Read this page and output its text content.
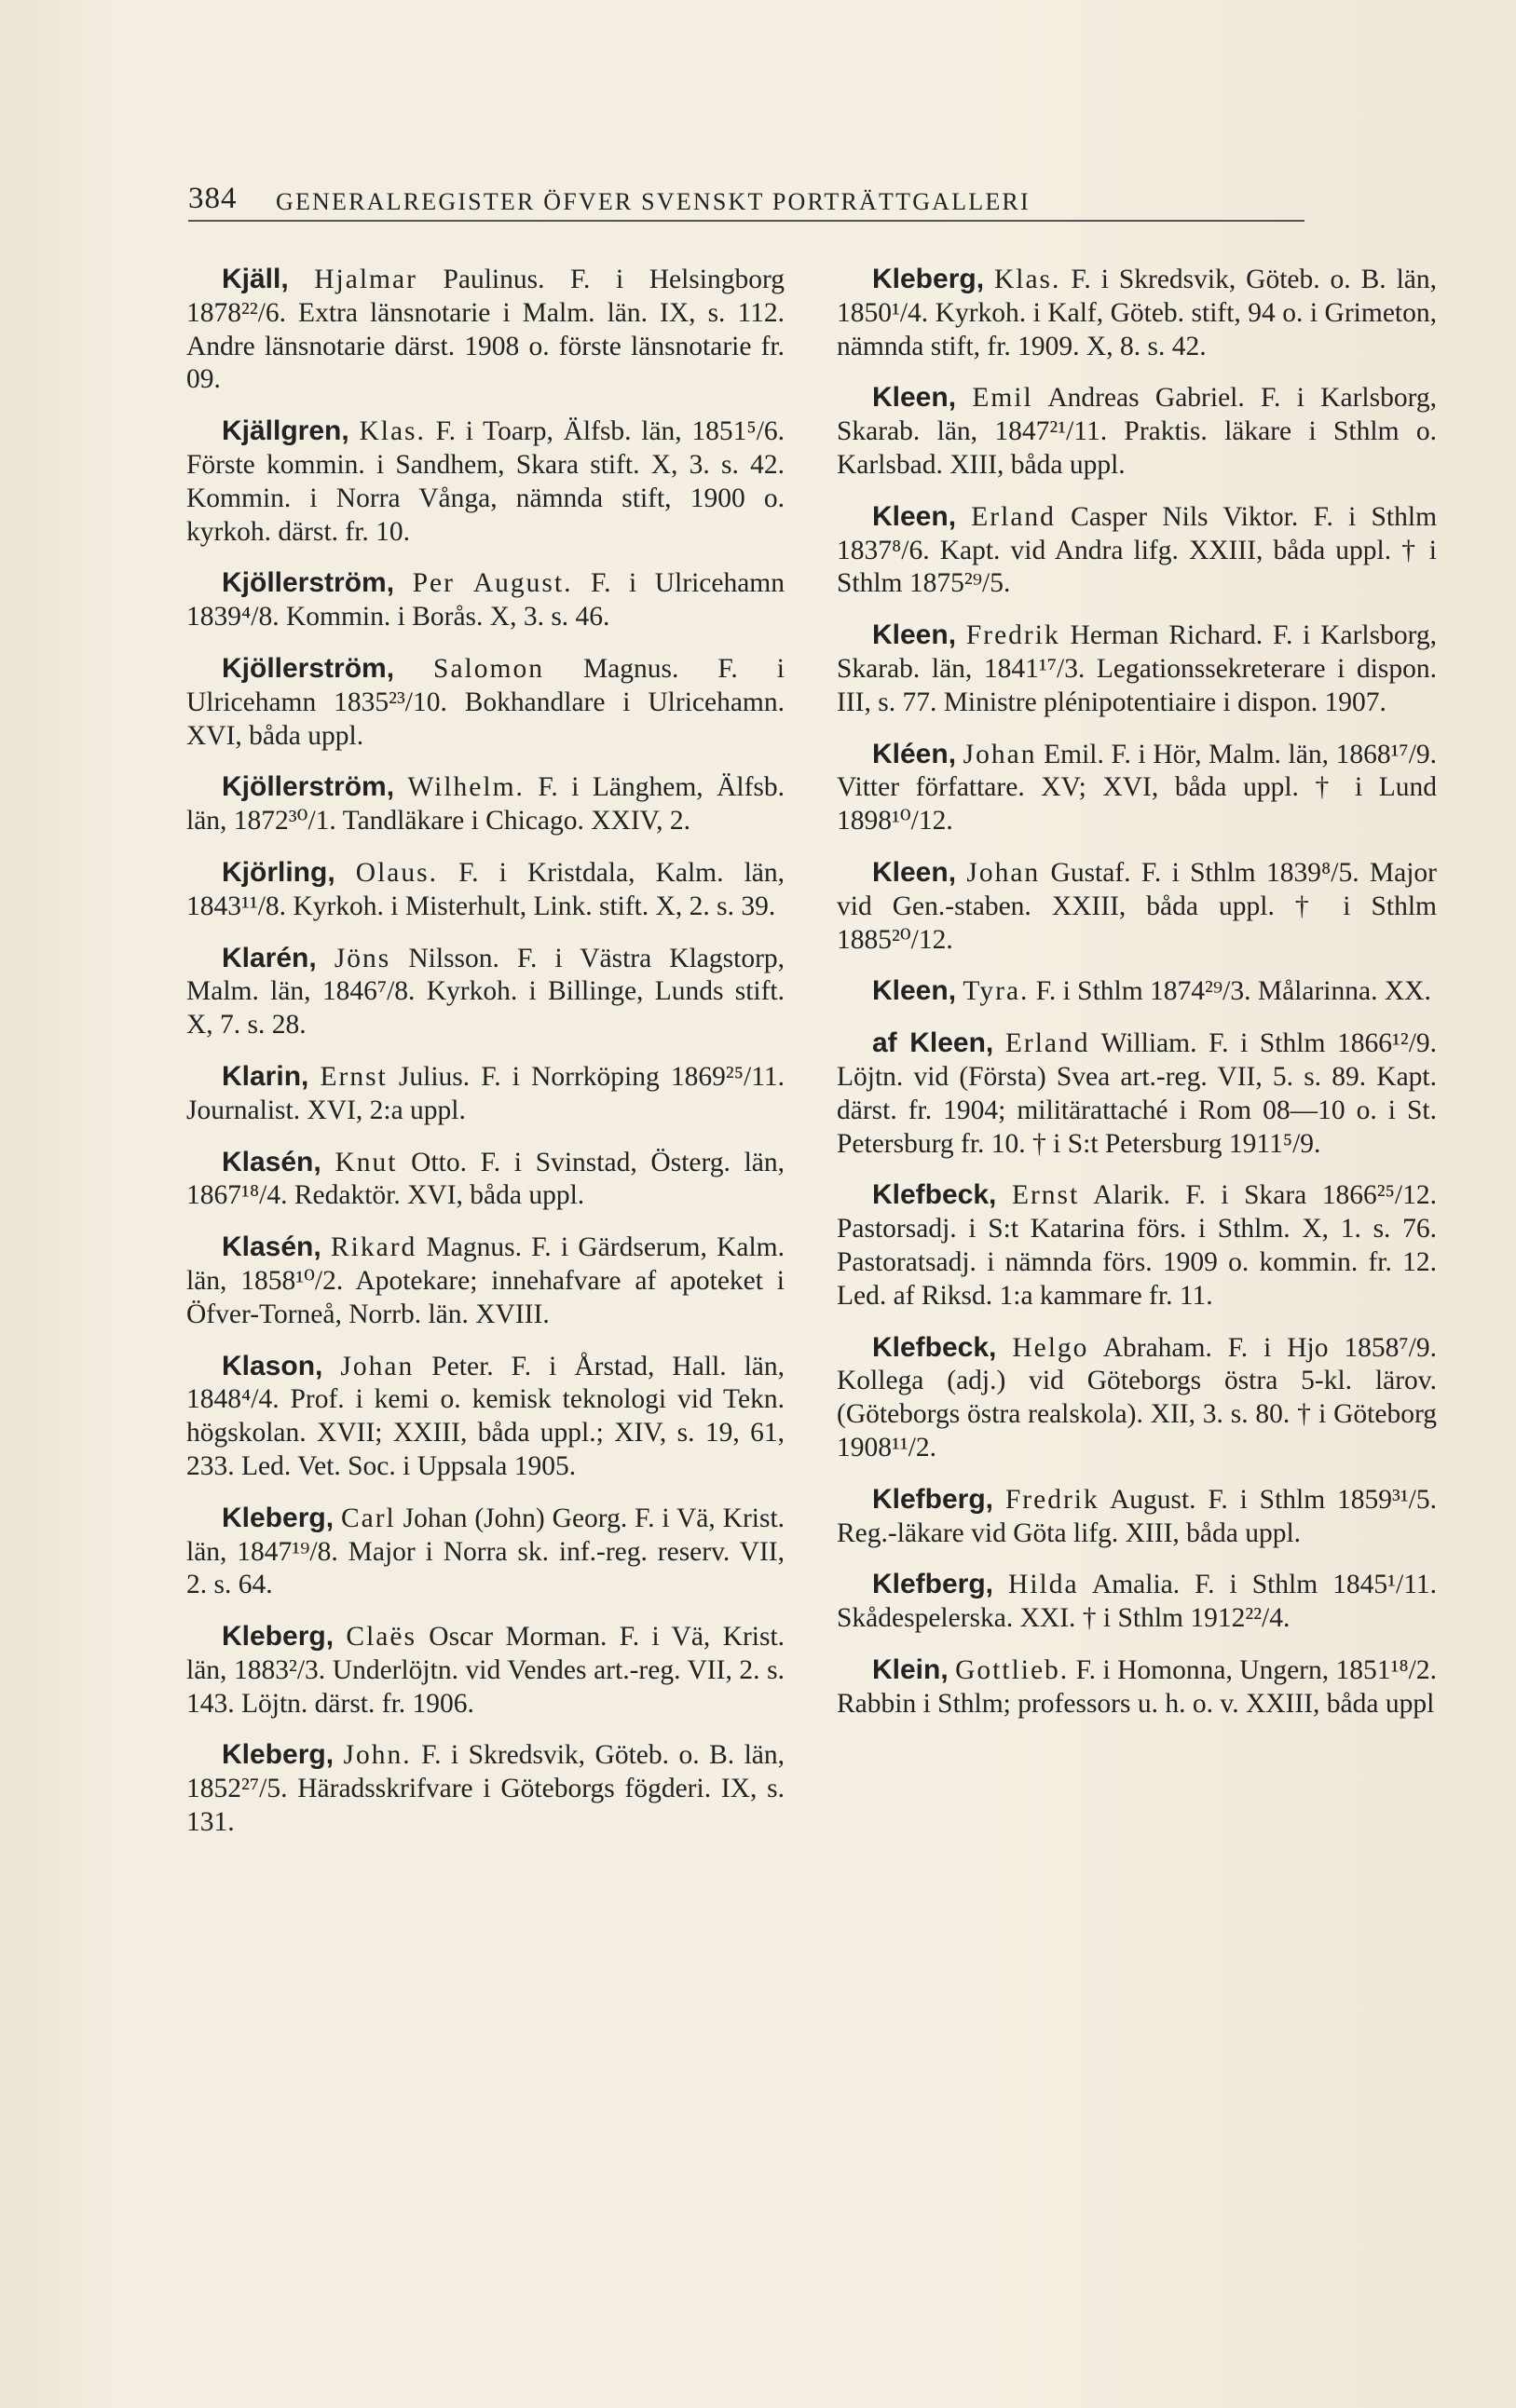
384	GENERALREGISTER ÖFVER SVENSKT PORTRÄTTGALLERI

Kjäll, Hjalmar Paulinus. F. i Helsingborg 1878²²/6. Extra länsnotarie i Malm. län. IX, s. 112. Andre länsnotarie därst. 1908 o. förste länsnotarie fr. 09.

Kjällgren, Klas. F. i Toarp, Älfsb. län, 1851⁵/6. Förste kommin. i Sandhem, Skara stift. X, 3. s. 42. Kommin. i Norra Vånga, nämnda stift, 1900 o. kyrkoh. därst. fr. 10.

Kjöllerström, Per August. F. i Ulricehamn 1839⁴/8. Kommin. i Borås. X, 3. s. 46.

Kjöllerström, Salomon Magnus. F. i Ulricehamn 1835²³/10. Bokhandlare i Ulricehamn. XVI, båda uppl.

Kjöllerström, Wilhelm. F. i Länghem, Älfsb. län, 1872³⁰/1. Tandläkare i Chicago. XXIV, 2.

Kjörling, Olaus. F. i Kristdala, Kalm. län, 1843¹¹/8. Kyrkoh. i Misterhult, Link. stift. X, 2. s. 39.

Klarén, Jöns Nilsson. F. i Västra Klagstorp, Malm. län, 1846⁷/8. Kyrkoh. i Billinge, Lunds stift. X, 7. s. 28.

Klarin, Ernst Julius. F. i Norrköping 1869²⁵/11. Journalist. XVI, 2:a uppl.

Klasén, Knut Otto. F. i Svinstad, Österg. län, 1867¹⁸/4. Redaktör. XVI, båda uppl.

Klasén, Rikard Magnus. F. i Gärdserum, Kalm. län, 1858¹⁰/2. Apotekare; innehafvare af apoteket i Öfver-Torneå, Norrb. län. XVIII.

Klason, Johan Peter. F. i Årstad, Hall. län, 1848⁴/4. Prof. i kemi o. kemisk teknologi vid Tekn. högskolan. XVII; XXIII, båda uppl.; XIV, s. 19, 61, 233. Led. Vet. Soc. i Uppsala 1905.

Kleberg, Carl Johan (John) Georg. F. i Vä, Krist. län, 1847¹⁹/8. Major i Norra sk. inf.-reg. reserv. VII, 2. s. 64.

Kleberg, Claës Oscar Morman. F. i Vä, Krist. län, 1883²/3. Underlöjtn. vid Vendes art.-reg. VII, 2. s. 143. Löjtn. därst. fr. 1906.

Kleberg, John. F. i Skredsvik, Göteb. o. B. län, 1852²⁷/5. Häradsskrifvare i Göteborgs fögderi. IX, s. 131.

Kleberg, Klas. F. i Skredsvik, Göteb. o. B. län, 1850¹/4. Kyrkoh. i Kalf, Göteb. stift, 94 o. i Grimeton, nämnda stift, fr. 1909. X, 8. s. 42.

Kleen, Emil Andreas Gabriel. F. i Karlsborg, Skarab. län, 1847²¹/11. Praktis. läkare i Sthlm o. Karlsbad. XIII, båda uppl.

Kleen, Erland Casper Nils Viktor. F. i Sthlm 1837⁸/6. Kapt. vid Andra lifg. XXIII, båda uppl. † i Sthlm 1875²⁹/5.

Kleen, Fredrik Herman Richard. F. i Karlsborg, Skarab. län, 1841¹⁷/3. Legationssekreterare i dispon. III, s. 77. Ministre plénipotentiaire i dispon. 1907.

Kléen, Johan Emil. F. i Hör, Malm. län, 1868¹⁷/9. Vitter författare. XV; XVI, båda uppl. † i Lund 1898¹⁰/12.

Kleen, Johan Gustaf. F. i Sthlm 1839⁸/5. Major vid Gen.-staben. XXIII, båda uppl. † i Sthlm 1885²⁰/12.

Kleen, Tyra. F. i Sthlm 1874²⁹/3. Målarinna. XX.

af Kleen, Erland William. F. i Sthlm 1866¹²/9. Löjtn. vid (Första) Svea art.-reg. VII, 5. s. 89. Kapt. därst. fr. 1904; militärattaché i Rom 08—10 o. i St. Petersburg fr. 10. † i S:t Petersburg 1911⁵/9.

Klefbeck, Ernst Alarik. F. i Skara 1866²⁵/12. Pastorsadj. i S:t Katarina förs. i Sthlm. X, 1. s. 76. Pastoratsadj. i nämnda förs. 1909 o. kommin. fr. 12. Led. af Riksd. 1:a kammare fr. 11.

Klefbeck, Helgo Abraham. F. i Hjo 1858⁷/9. Kollega (adj.) vid Göteborgs östra 5-kl. lärov. (Göteborgs östra realskola). XII, 3. s. 80. † i Göteborg 1908¹¹/2.

Klefberg, Fredrik August. F. i Sthlm 1859³¹/5. Reg.-läkare vid Göta lifg. XIII, båda uppl.

Klefberg, Hilda Amalia. F. i Sthlm 1845¹/11. Skådespelerska. XXI. † i Sthlm 1912²²/4.

Klein, Gottlieb. F. i Homonna, Ungern, 1851¹⁸/2. Rabbin i Sthlm; professors u. h. o. v. XXIII, båda uppl
